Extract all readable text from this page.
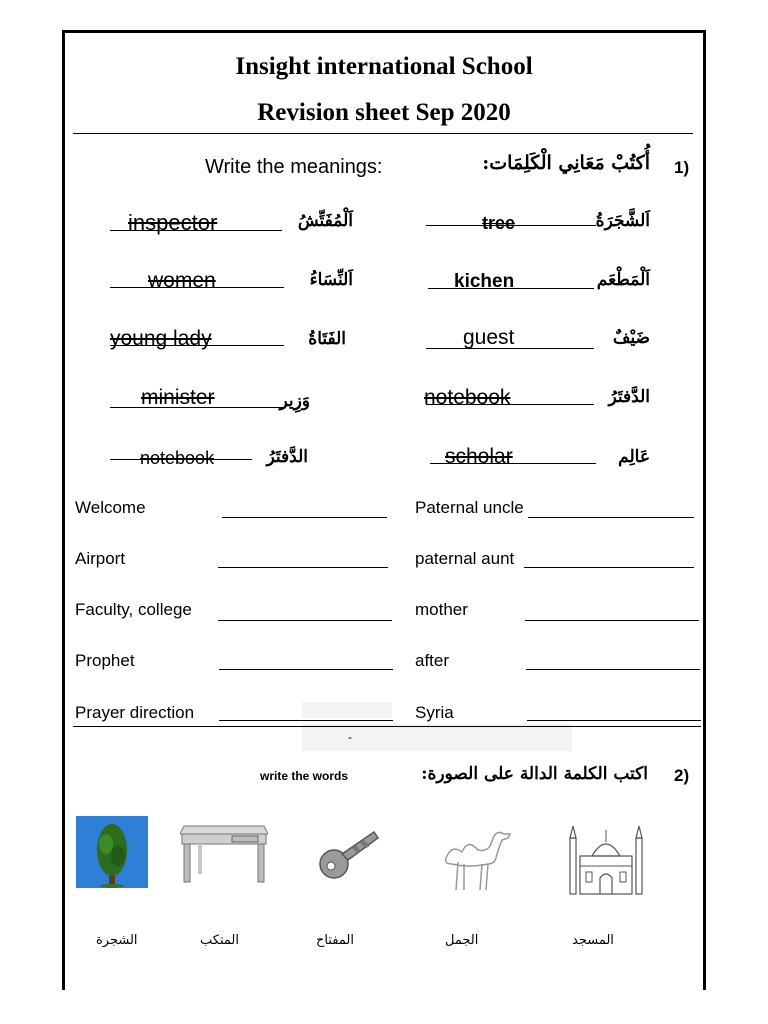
Insight international School
Revision sheet Sep 2020
1)
أُكتُبْ مَعَانِي الْكَلِمَات:
Write the meanings:
inspector	اَلْمُفَتِّشُ	tree	اَلشَّجَرَةُ
women	اَلنِّسَاءُ	kichen	اَلْمَطْعَم
young lady	الفَتَاةُ	guest	ضَيْفٌ
minister	وَزِير	notebook	الدَّفتَرُ
notebook	الدَّفتَرُ	scholar	عَالِم
Welcome	Paternal uncle
Airport	paternal aunt
Faculty, college	mother
Prophet	after
Prayer direction	Syria
-
2)
اكتب الكلمة الدالة على الصورة:
write the words
الشجرة	المتكب	المفتاح	الجمل	المسجد
